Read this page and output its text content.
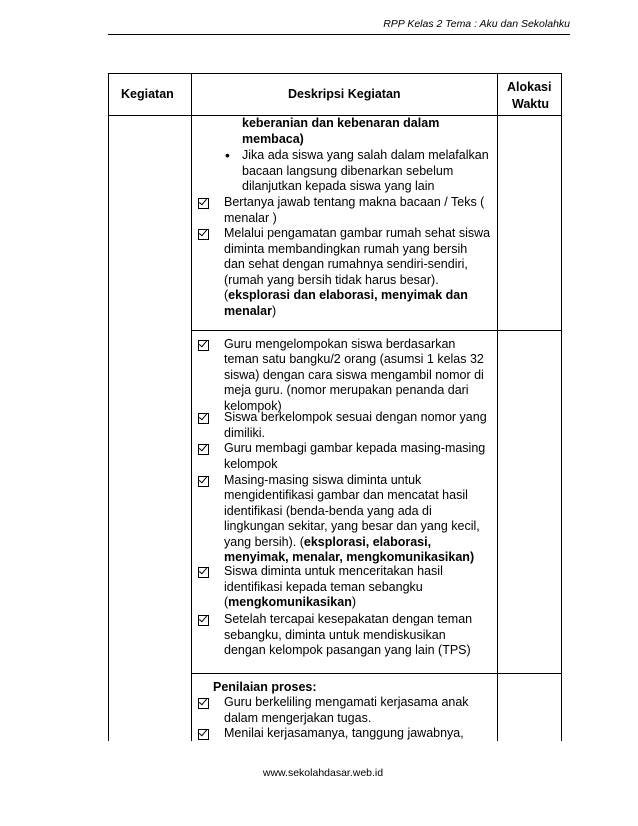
RPP Kelas 2 Tema : Aku dan Sekolahku
Kegiatan	Deskripsi Kegiatan	Alokasi
Waktu
keberanian dan kebenaran dalam
membaca)
• Jika ada siswa yang salah dalam melafalkan
bacaan langsung dibenarkan sebelum
dilanjutkan kepada siswa yang lain
Bertanya jawab tentang makna bacaan / Teks (
menalar )
Melalui pengamatan gambar rumah sehat siswa
diminta membandingkan rumah yang bersih
dan sehat dengan rumahnya sendiri-sendiri,
(rumah yang bersih tidak harus besar).
(eksplorasi dan elaborasi, menyimak dan
menalar)
Guru mengelompokan siswa berdasarkan
teman satu bangku/2 orang (asumsi 1 kelas 32
siswa) dengan cara siswa mengambil nomor di
meja guru. (nomor merupakan penanda dari
kelompok)
Siswa berkelompok sesuai dengan nomor yang
dimiliki.
Guru membagi gambar kepada masing-masing
kelompok
Masing-masing siswa diminta untuk
mengidentifikasi gambar dan mencatat hasil
identifikasi (benda-benda yang ada di
lingkungan sekitar, yang besar dan yang kecil,
yang bersih). (eksplorasi, elaborasi,
menyimak, menalar, mengkomunikasikan)
Siswa diminta untuk menceritakan hasil
identifikasi kepada teman sebangku
(mengkomunikasikan)
Setelah tercapai kesepakatan dengan teman
sebangku, diminta untuk mendiskusikan
dengan kelompok pasangan yang lain (TPS)
Penilaian proses:
Guru berkeliling mengamati kerjasama anak
dalam mengerjakan tugas.
Menilai kerjasamanya, tanggung jawabnya,
www.sekolahdasar.web.id
